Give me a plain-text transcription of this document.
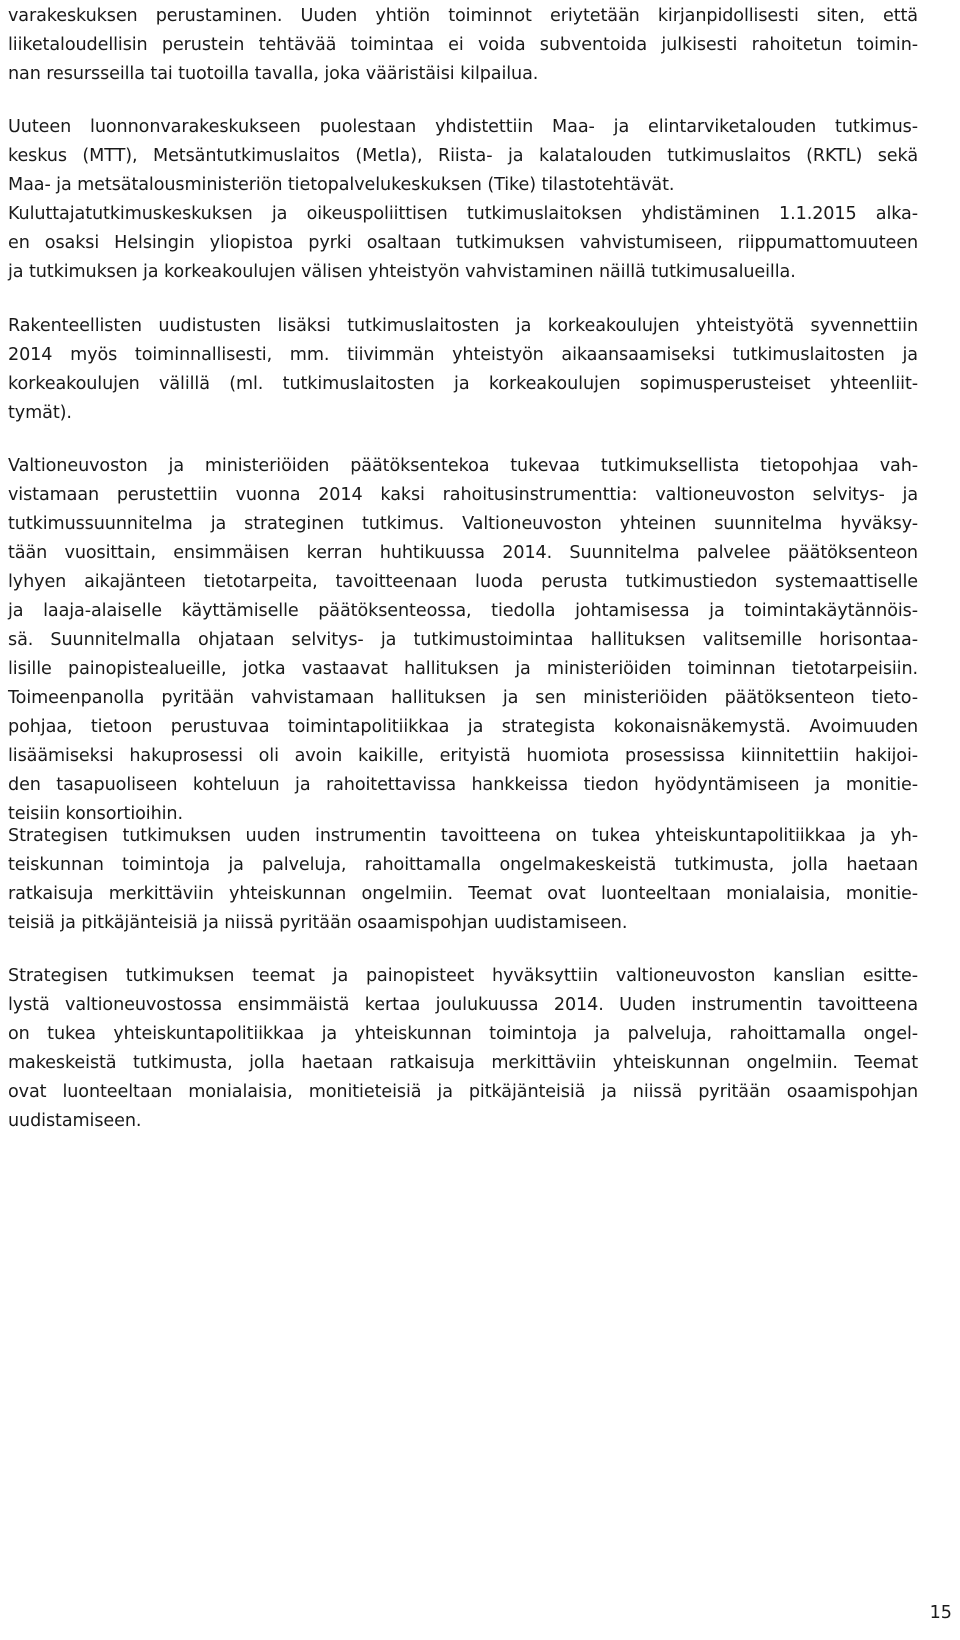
varakeskuksen perustaminen. Uuden yhtiön toiminnot eriytetään kirjanpidollisesti siten, että
liiketaloudellisin perustein tehtävää toimintaa ei voida subventoida julkisesti rahoitetun toimin-
nan resursseilla tai tuotoilla tavalla, joka vääristäisi kilpailua.
Uuteen luonnonvarakeskukseen puolestaan yhdistettiin Maa- ja elintarviketalouden tutkimus-
keskus (MTT), Metsäntutkimuslaitos (Metla), Riista- ja kalatalouden tutkimuslaitos (RKTL) sekä
Maa- ja metsätalousministeriön tietopalvelukeskuksen (Tike) tilastotehtävät.
Kuluttajatutkimuskeskuksen ja oikeuspoliittisen tutkimuslaitoksen yhdistäminen 1.1.2015 alka-
en osaksi Helsingin yliopistoa pyrki osaltaan tutkimuksen vahvistumiseen, riippumattomuuteen
ja tutkimuksen ja korkeakoulujen välisen yhteistyön vahvistaminen näillä tutkimusalueilla.
Rakenteellisten uudistusten lisäksi tutkimuslaitosten ja korkeakoulujen yhteistyötä syvennettiin
2014 myös toiminnallisesti, mm. tiivimmän yhteistyön aikaansaamiseksi tutkimuslaitosten ja
korkeakoulujen välillä (ml. tutkimuslaitosten ja korkeakoulujen sopimusperusteiset yhteenliit-
tymät).
Valtioneuvoston ja ministeriöiden päätöksentekoa tukevaa tutkimuksellista tietopohjaa vah-
vistamaan perustettiin vuonna 2014 kaksi rahoitusinstrumenttia: valtioneuvoston selvitys- ja
tutkimussuunnitelma ja strateginen tutkimus. Valtioneuvoston yhteinen suunnitelma hyväksy-
tään vuosittain, ensimmäisen kerran huhtikuussa 2014. Suunnitelma palvelee päätöksenteon
lyhyen aikajänteen tietotarpeita, tavoitteenaan luoda perusta tutkimustiedon systemaattiselle
ja laaja-alaiselle käyttämiselle päätöksenteossa, tiedolla johtamisessa ja toimintakäytännöis-
sä. Suunnitelmalla ohjataan selvitys- ja tutkimustoimintaa hallituksen valitsemille horisontaa-
lisille painopistealueille, jotka vastaavat hallituksen ja ministeriöiden toiminnan tietotarpeisiin.
Toimeenpanolla pyritään vahvistamaan hallituksen ja sen ministeriöiden päätöksenteon tieto-
pohjaa, tietoon perustuvaa toimintapolitiikkaa ja strategista kokonaisnäkemystä. Avoimuuden
lisäämiseksi hakuprosessi oli avoin kaikille, erityistä huomiota prosessissa kiinnitettiin hakijoi-
den tasapuoliseen kohteluun ja rahoitettavissa hankkeissa tiedon hyödyntämiseen ja monitie-
teisiin konsortioihin.
Strategisen tutkimuksen uuden instrumentin tavoitteena on tukea yhteiskuntapolitiikkaa ja yh-
teiskunnan toimintoja ja palveluja, rahoittamalla ongelmakeskeistä tutkimusta, jolla haetaan
ratkaisuja merkittäviin yhteiskunnan ongelmiin. Teemat ovat luonteeltaan monialaisia, monitie-
teisiä ja pitkäjänteisiä ja niissä pyritään osaamispohjan uudistamiseen.
Strategisen tutkimuksen teemat ja painopisteet hyväksyttiin valtioneuvoston kanslian esitte-
lystä valtioneuvostossa ensimmäistä kertaa joulukuussa 2014. Uuden instrumentin tavoitteena
on tukea yhteiskuntapolitiikkaa ja yhteiskunnan toimintoja ja palveluja, rahoittamalla ongel-
makeskeistä tutkimusta, jolla haetaan ratkaisuja merkittäviin yhteiskunnan ongelmiin. Teemat
ovat luonteeltaan monialaisia, monitieteisiä ja pitkäjänteisiä ja niissä pyritään osaamispohjan
uudistamiseen.
15
